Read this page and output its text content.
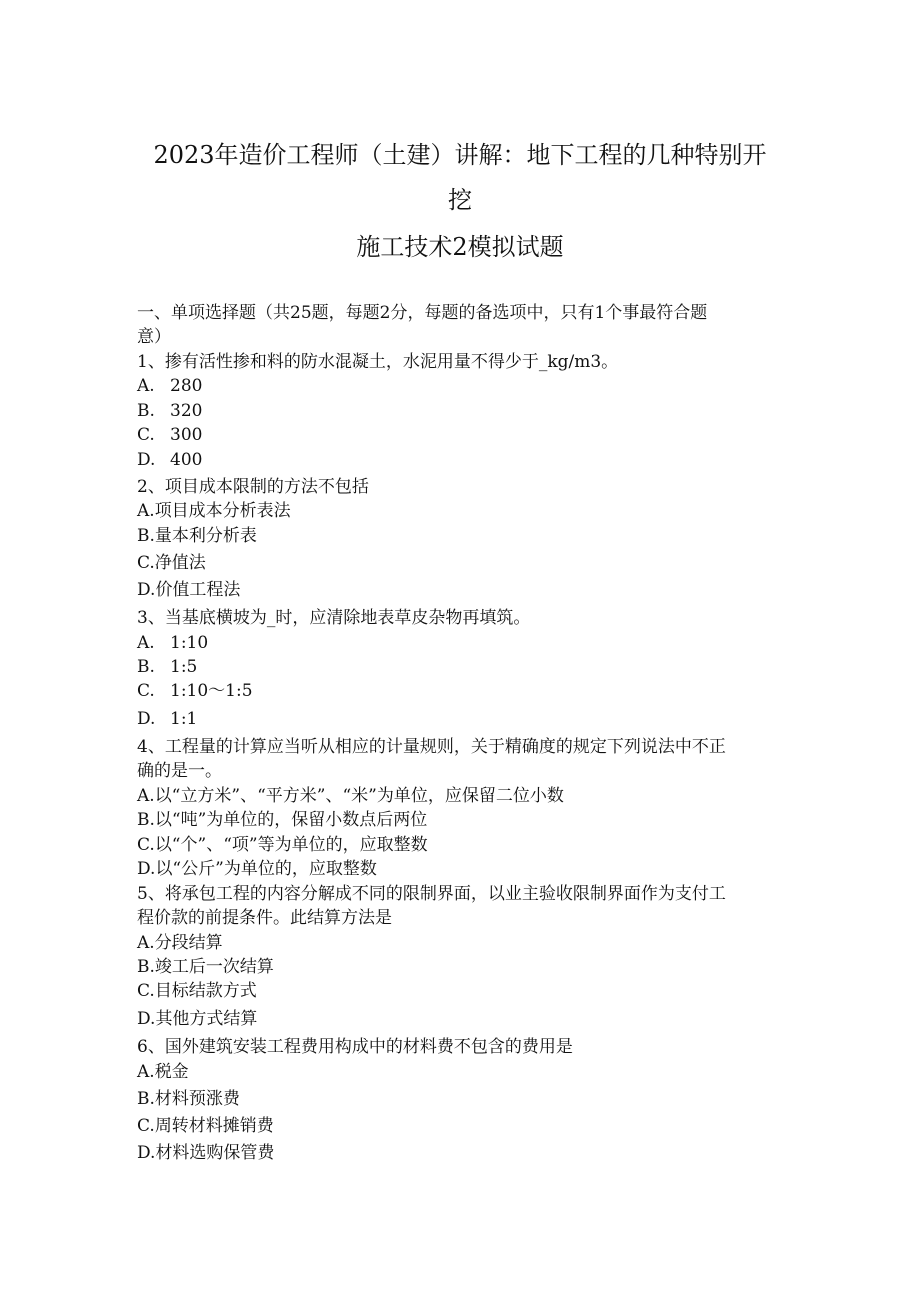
2023年造价工程师（土建）讲解：地下工程的几种特别开
挖
施工技术2模拟试题
一、单项选择题（共25题，每题2分，每题的备选项中，只有1个事最符合题
意）
1、掺有活性掺和料的防水混凝土，水泥用量不得少于_kg/m3。
A. 280
B. 320
C. 300
D. 400
2、项目成本限制的方法不包括
A.项目成本分析表法
B.量本利分析表
C.净值法
D.价值工程法
3、当基底横坡为_时，应清除地表草皮杂物再填筑。
A. 1:10
B. 1:5
C. 1:10～1:5
D. 1:1
4、工程量的计算应当听从相应的计量规则，关于精确度的规定下列说法中不正
确的是一。
A.以“立方米”、“平方米”、“米”为单位，应保留二位小数
B.以“吨”为单位的，保留小数点后两位
C.以“个”、“项”等为单位的，应取整数
D.以“公斤”为单位的，应取整数
5、将承包工程的内容分解成不同的限制界面，以业主验收限制界面作为支付工
程价款的前提条件。此结算方法是
A.分段结算
B.竣工后一次结算
C.目标结款方式
D.其他方式结算
6、国外建筑安装工程费用构成中的材料费不包含的费用是
A.税金
B.材料预涨费
C.周转材料摊销费
D.材料选购保管费
